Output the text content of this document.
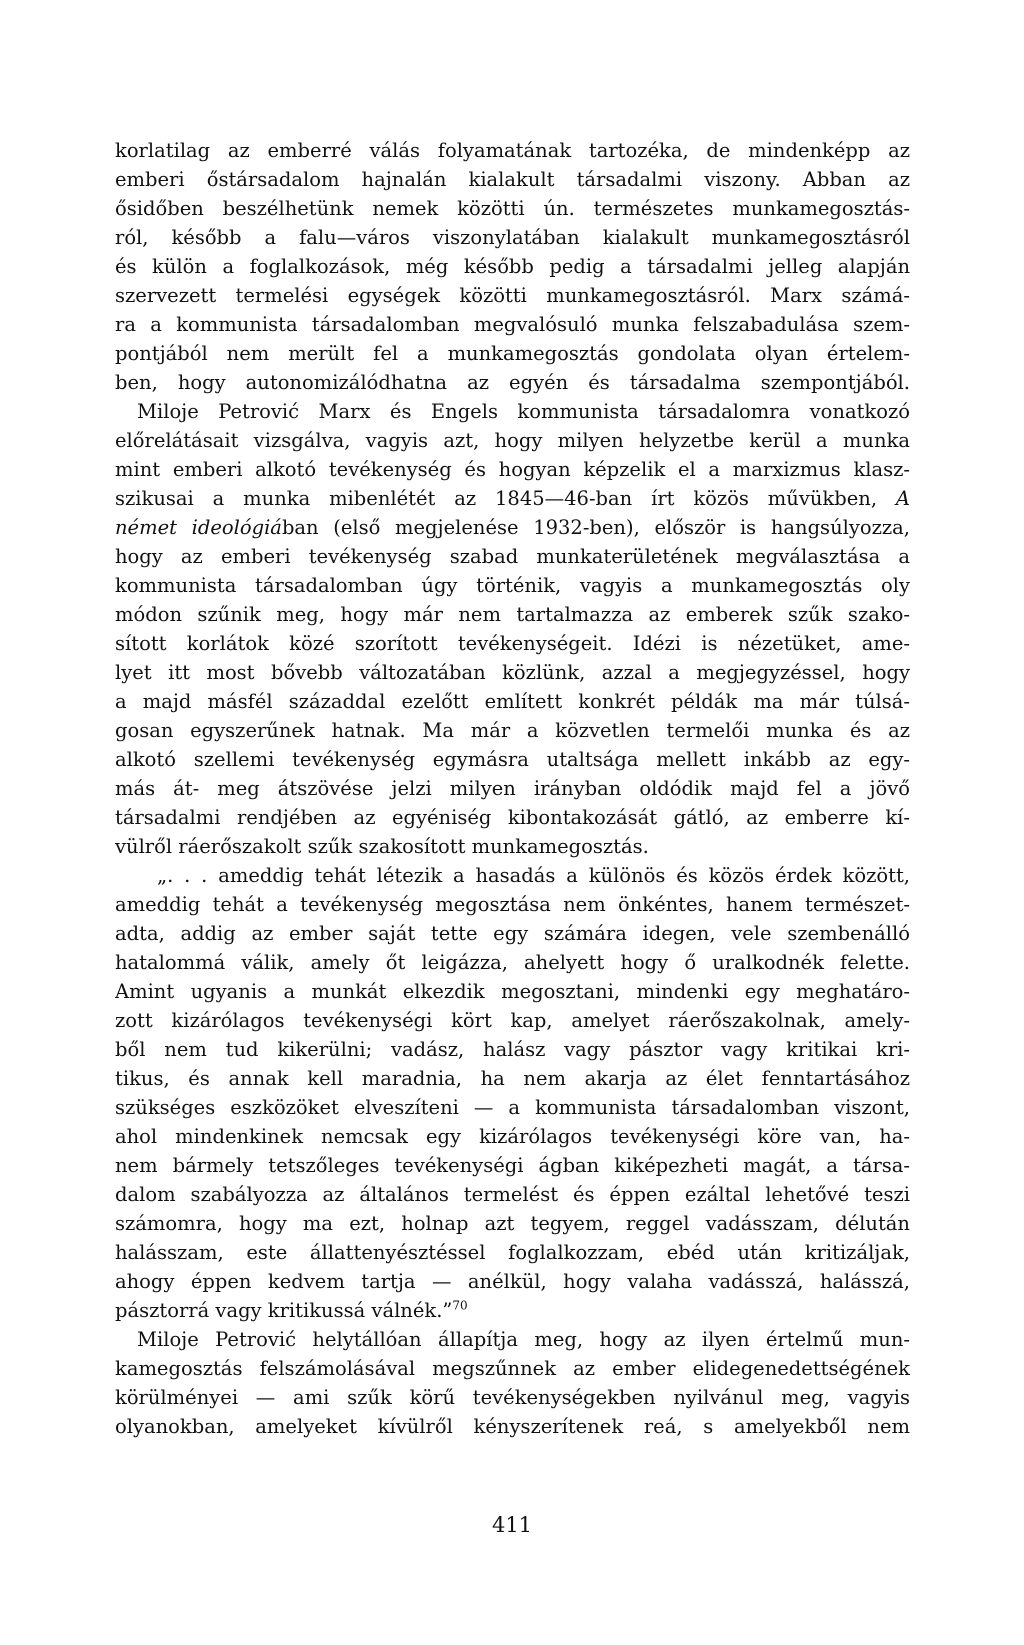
korlatilag az emberré válás folyamatának tartozéka, de mindenképp az
emberi őstársadalom hajnalán kialakult társadalmi viszony. Abban az
ősidőben beszélhetünk nemek közötti ún. természetes munkamegosztás-
ról, később a falu—város viszonylatában kialakult munkamegosztásról
és külön a foglalkozások, még később pedig a társadalmi jelleg alapján
szervezett termelési egységek közötti munkamegosztásról. Marx számá-
ra a kommunista társadalomban megvalósuló munka felszabadulása szem-
pontjából nem merült fel a munkamegosztás gondolata olyan értelem-
ben, hogy autonomizálódhatna az egyén és társadalma szempontjából.
Miloje Petrović Marx és Engels kommunista társadalomra vonatkozó
előrelátásait vizsgálva, vagyis azt, hogy milyen helyzetbe kerül a munka
mint emberi alkotó tevékenység és hogyan képzelik el a marxizmus klasz-
szikusai a munka mibenlétét az 1845—46-ban írt közös művükben, A
német ideológiában (első megjelenése 1932-ben), először is hangsúlyozza,
hogy az emberi tevékenység szabad munkaterületének megválasztása a
kommunista társadalomban úgy történik, vagyis a munkamegosztás oly
módon szűnik meg, hogy már nem tartalmazza az emberek szűk szako-
sított korlátok közé szorított tevékenységeit. Idézi is nézetüket, ame-
lyet itt most bővebb változatában közlünk, azzal a megjegyzéssel, hogy
a majd másfél századdal ezelőtt említett konkrét példák ma már túlsá-
gosan egyszerűnek hatnak. Ma már a közvetlen termelői munka és az
alkotó szellemi tevékenység egymásra utaltsága mellett inkább az egy-
más át- meg átszövése jelzi milyen irányban oldódik majd fel a jövő
társadalmi rendjében az egyéniség kibontakozását gátló, az emberre kí-
vülről ráerőszakolt szűk szakosított munkamegosztás.
„. . . ameddig tehát létezik a hasadás a különös és közös érdek között,
ameddig tehát a tevékenység megosztása nem önkéntes, hanem természet-
adta, addig az ember saját tette egy számára idegen, vele szembenálló
hatalommá válik, amely őt leigázza, ahelyett hogy ő uralkodnék felette.
Amint ugyanis a munkát elkezdik megosztani, mindenki egy meghatáro-
zott kizárólagos tevékenységi kört kap, amelyet ráerőszakolnak, amely-
ből nem tud kikerülni; vadász, halász vagy pásztor vagy kritikai kri-
tikus, és annak kell maradnia, ha nem akarja az élet fenntartásához
szükséges eszközöket elveszíteni — a kommunista társadalomban viszont,
ahol mindenkinek nemcsak egy kizárólagos tevékenységi köre van, ha-
nem bármely tetszőleges tevékenységi ágban kiképezheti magát, a társa-
dalom szabályozza az általános termelést és éppen ezáltal lehetővé teszi
számomra, hogy ma ezt, holnap azt tegyem, reggel vadásszam, délután
halásszam, este állattenyésztéssel foglalkozzam, ebéd után kritizáljak,
ahogy éppen kedvem tartja — anélkül, hogy valaha vadásszá, halásszá,
pásztorrá vagy kritikussá válnék.”$^{70}$
Miloje Petrović helytállóan állapítja meg, hogy az ilyen értelmű mun-
kamegosztás felszámolásával megszűnnek az ember elidegenedettségének
körülményei — ami szűk körű tevékenységekben nyilvánul meg, vagyis
olyanokban, amelyeket kívülről kényszerítenek reá, s amelyekből nem
411
